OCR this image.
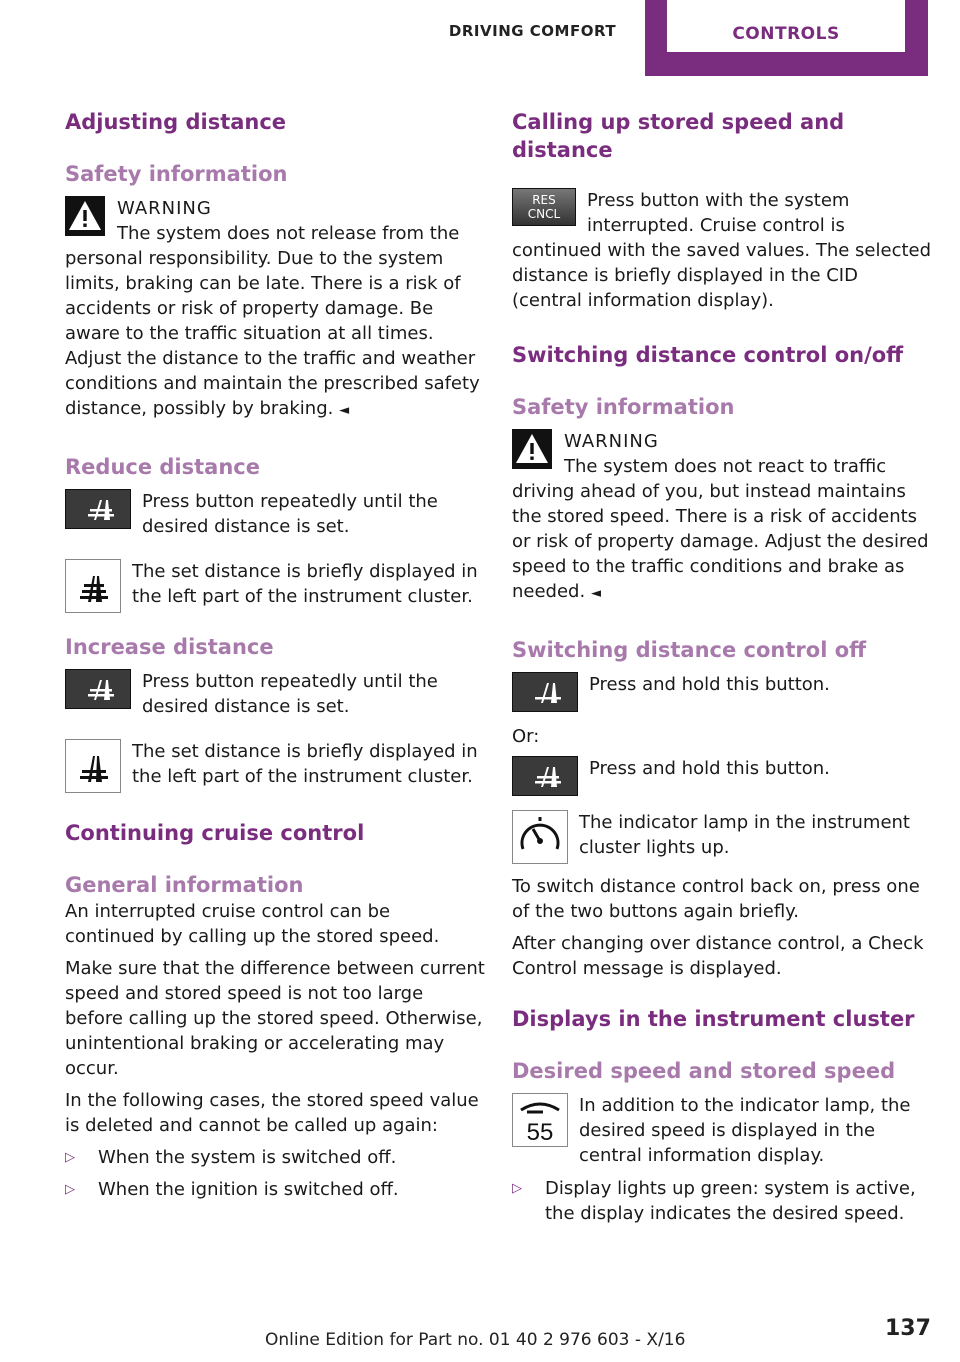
DRIVING COMFORT	CONTROLS
Adjusting distance
Safety information
WARNING
The system does not release from the personal responsibility. Due to the system limits, braking can be late. There is a risk of accidents or risk of property damage. Be aware to the traffic situation at all times. Adjust the distance to the traffic and weather conditions and maintain the prescribed safety distance, possibly by braking. ◄
Reduce distance
Press button repeatedly until the desired distance is set.
The set distance is briefly displayed in the left part of the instrument cluster.
Increase distance
Press button repeatedly until the desired distance is set.
The set distance is briefly displayed in the left part of the instrument cluster.
Continuing cruise control
General information

An interrupted cruise control can be continued by calling up the stored speed.

Make sure that the difference between current speed and stored speed is not too large before calling up the stored speed. Otherwise, unintentional braking or accelerating may occur.

In the following cases, the stored speed value is deleted and cannot be called up again:

▷ When the system is switched off.
▷ When the ignition is switched off.
Calling up stored speed and distance
RES
CNCL
Press button with the system interrupted. Cruise control is continued with the saved values. The selected distance is briefly displayed in the CID (central information display).
Switching distance control on/off
Safety information
WARNING
The system does not react to traffic driving ahead of you, but instead maintains the stored speed. There is a risk of accidents or risk of property damage. Adjust the desired speed to the traffic conditions and brake as needed. ◄
Switching distance control off
Press and hold this button.

Or:

Press and hold this button.
The indicator lamp in the instrument cluster lights up.

To switch distance control back on, press one of the two buttons again briefly.

After changing over distance control, a Check Control message is displayed.

Displays in the instrument cluster
Desired speed and stored speed
55
In addition to the indicator lamp, the desired speed is displayed in the central information display.
▷ Display lights up green: system is active, the display indicates the desired speed.
Online Edition for Part no. 01 40 2 976 603 - X/16	137
